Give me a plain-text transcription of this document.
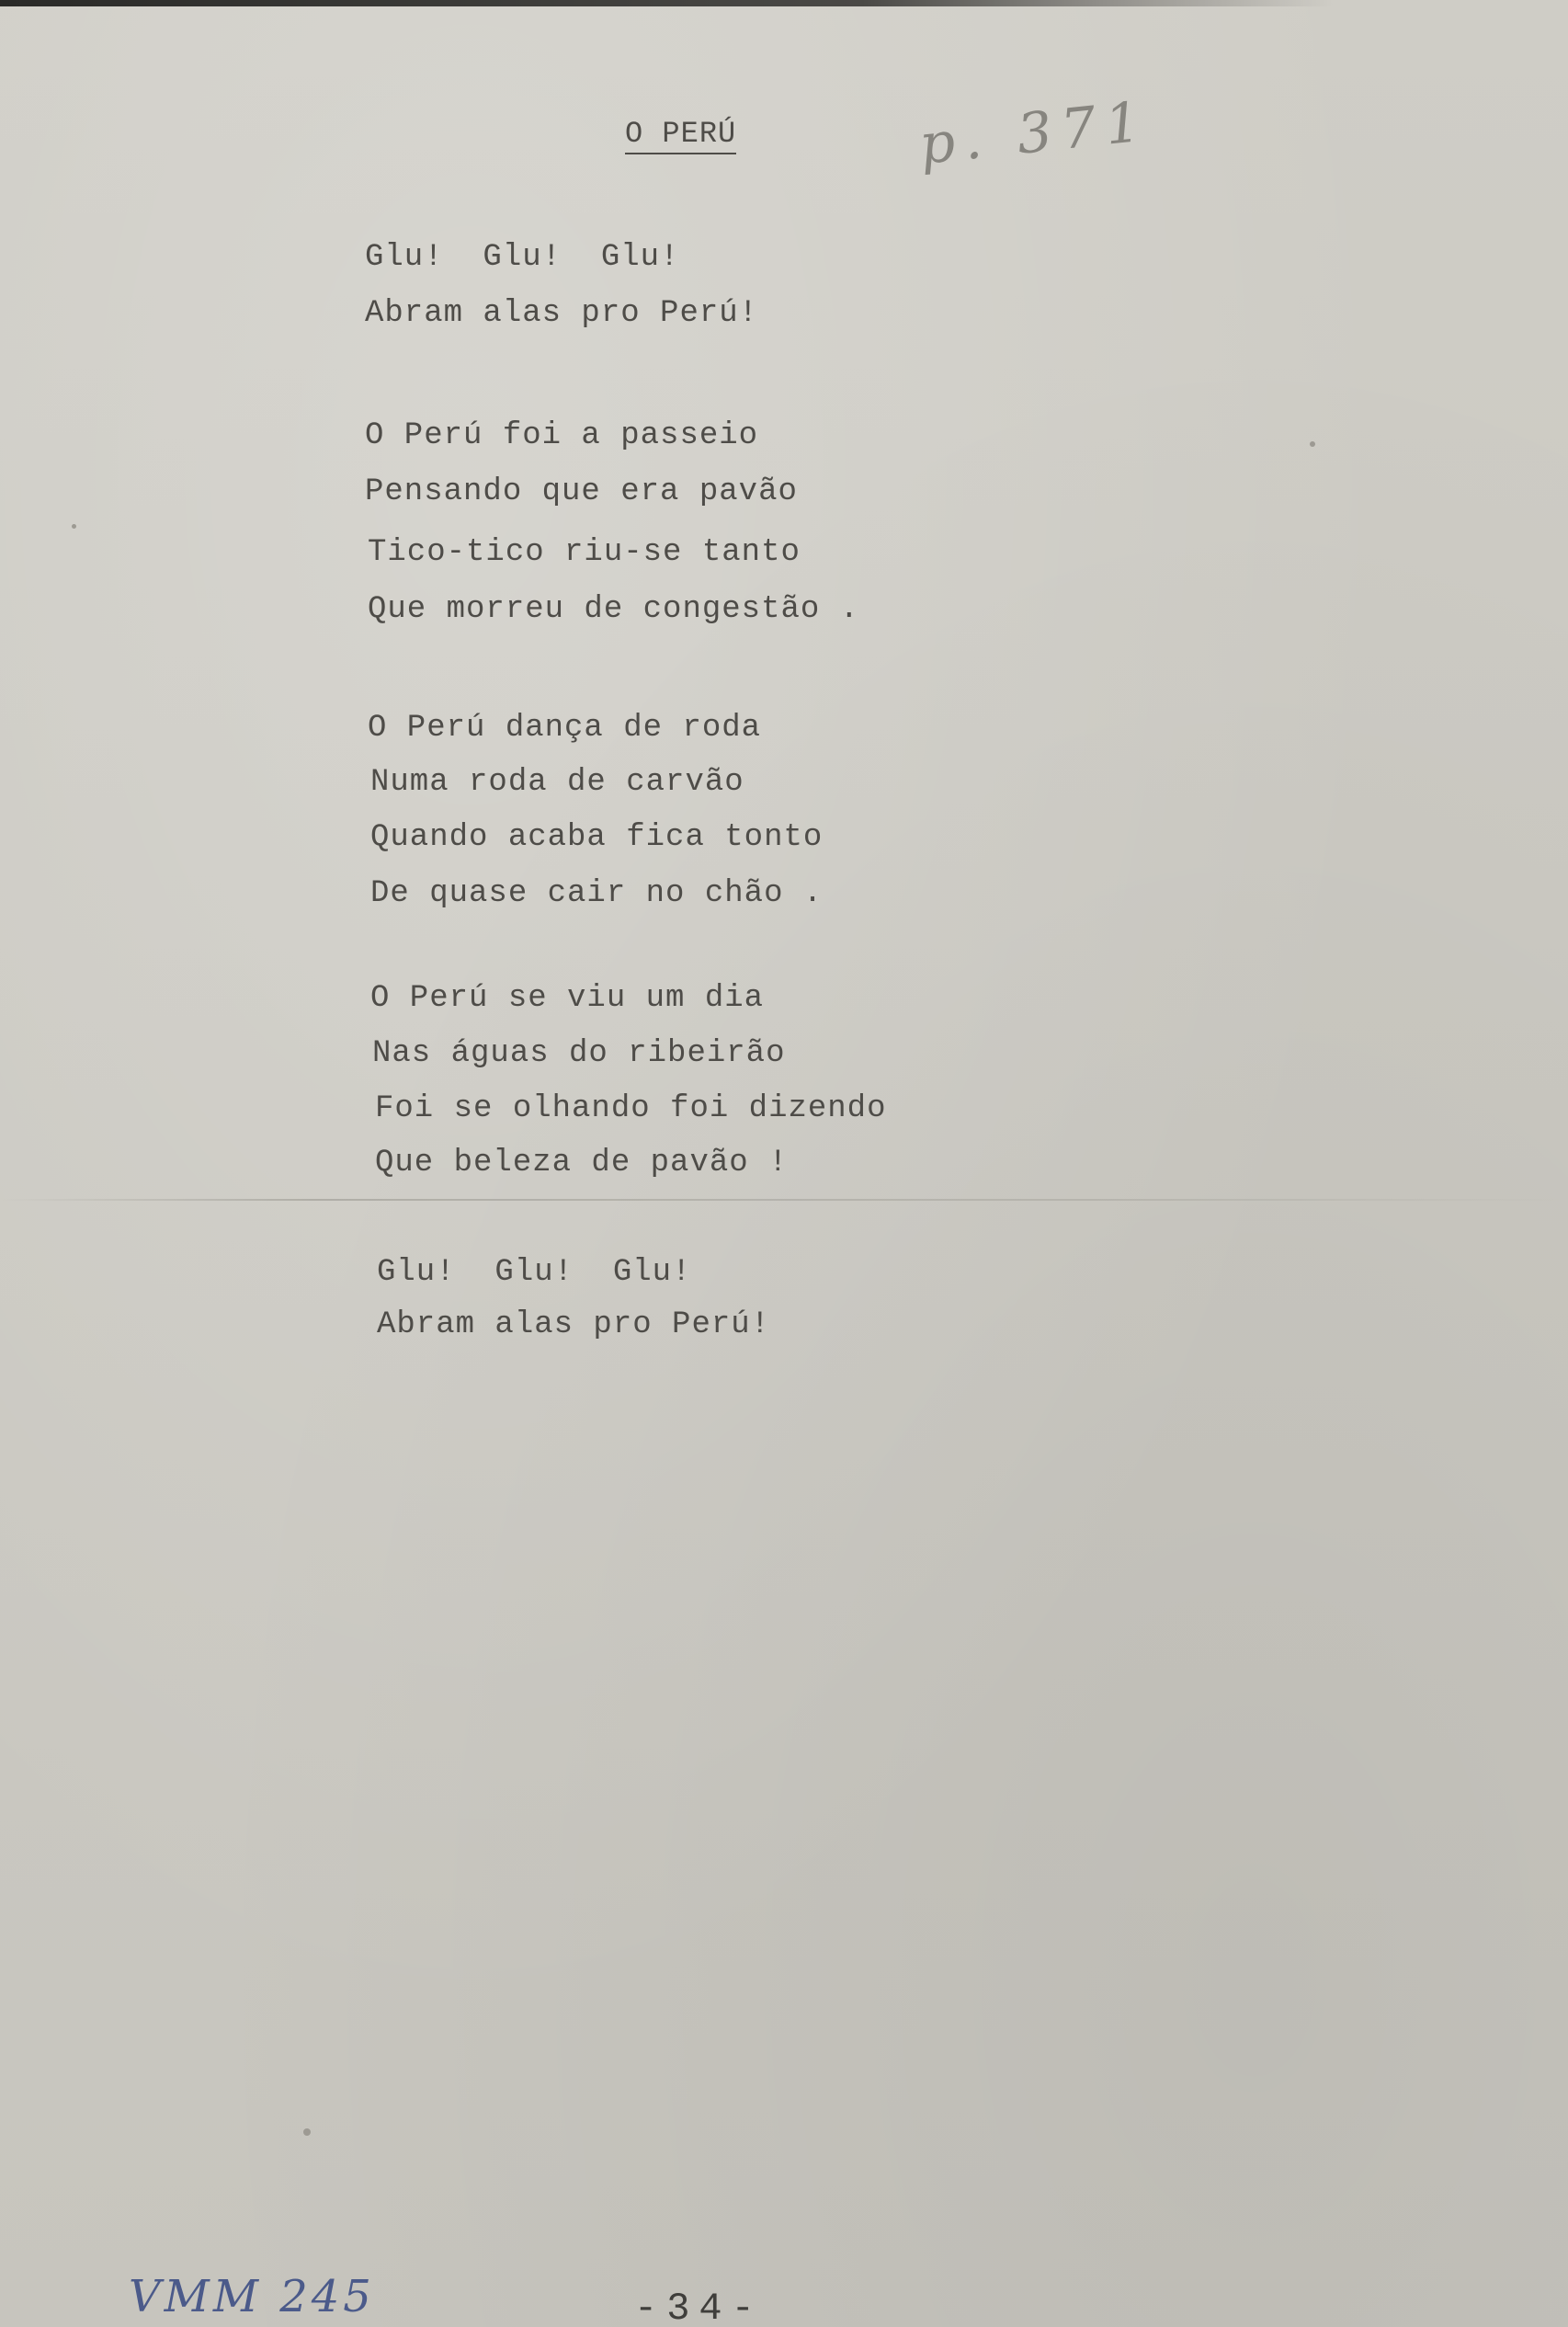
O PERÚ	p. 371
Glu!  Glu!  Glu!
Abram alas pro Perú!
O Perú foi a passeio
Pensando que era pavão
Tico-tico riu-se tanto
Que morreu de congestão .
O Perú dança de roda
Numa roda de carvão
Quando acaba fica tonto
De quase cair no chão .
O Perú se viu um dia
Nas águas do ribeirão
Foi se olhando foi dizendo
Que beleza de pavão !
Glu!  Glu!  Glu!
Abram alas pro Perú!
VMM 245	-34-
